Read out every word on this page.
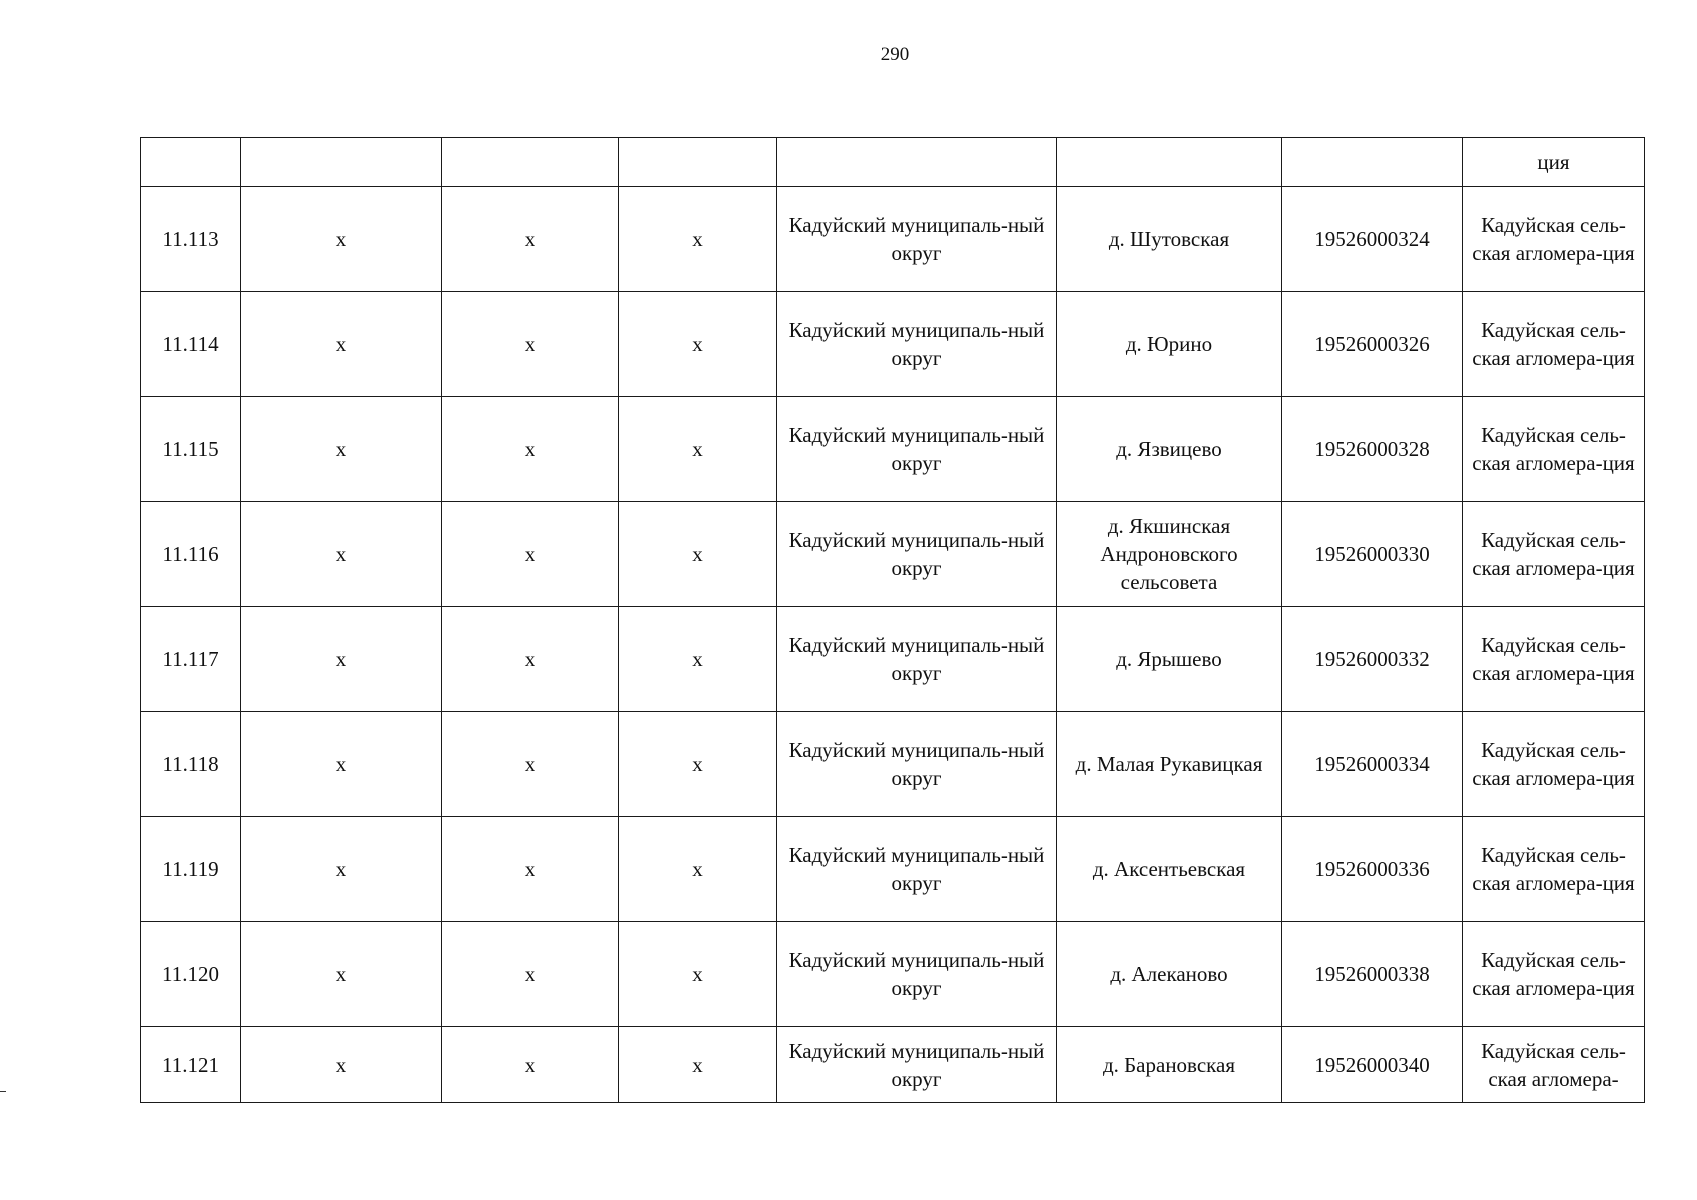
290
							ция
11.113	х	х	х	Кадуйский муниципаль-ный округ	д. Шутовская	19526000324	Кадуйская сель-ская агломера-ция
11.114	х	х	х	Кадуйский муниципаль-ный округ	д. Юрино	19526000326	Кадуйская сель-ская агломера-ция
11.115	х	х	х	Кадуйский муниципаль-ный округ	д. Язвицево	19526000328	Кадуйская сель-ская агломера-ция
11.116	х	х	х	Кадуйский муниципаль-ный округ	д. Якшинская Андроновского сельсовета	19526000330	Кадуйская сель-ская агломера-ция
11.117	х	х	х	Кадуйский муниципаль-ный округ	д. Ярышево	19526000332	Кадуйская сель-ская агломера-ция
11.118	х	х	х	Кадуйский муниципаль-ный округ	д. Малая Рукавицкая	19526000334	Кадуйская сель-ская агломера-ция
11.119	х	х	х	Кадуйский муниципаль-ный округ	д. Аксентьевская	19526000336	Кадуйская сель-ская агломера-ция
11.120	х	х	х	Кадуйский муниципаль-ный округ	д. Алеканово	19526000338	Кадуйская сель-ская агломера-ция
11.121	х	х	х	Кадуйский муниципаль-ный округ	д. Барановская	19526000340	Кадуйская сель-ская агломера-
